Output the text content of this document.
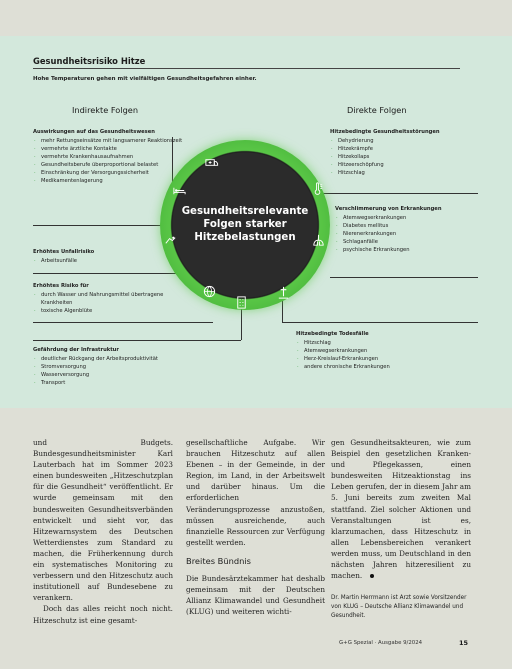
Gesundheitsrisiko Hitze
Hohe Temperaturen gehen mit vielfältigen Gesundheitsgefahren einher.
Indirekte Folgen	Direkte Folgen
Auswirkungen auf das Gesundheitswesen
· mehr Rettungseinsätze mit langsamerer Reaktionszeit
· vermehrte ärztliche Kontakte
· vermehrte Krankenhausaufnahmen
· Gesundheitsberufe überproportional belastet
· Einschränkung der Versorgungssicherheit
· Medikamentenlagerung
Erhöhtes Unfallrisiko
· Arbeitsunfälle
Erhöhtes Risiko für
· durch Wasser und Nahrungsmittel übertragene Krankheiten
· toxische Algenblüte
Gefährdung der Infrastruktur
· deutlicher Rückgang der Arbeitsproduktivität
· Stromversorgung
· Wasserversorgung
· Transport
Hitzebedingte Gesundheitsstörungen
· Dehydrierung
· Hitzekrämpfe
· Hitzekollaps
· Hitzeerschöpfung
· Hitzschlag
Verschlimmerung von Erkrankungen
· Atemwegserkrankungen
· Diabetes mellitus
· Nierenerkrankungen
· Schlaganfälle
· psychische Erkrankungen
Hitzebedingte Todesfälle
· Hitzschlag
· Atemwegserkrankungen
· Herz-Kreislauf-Erkrankungen
· andere chronische Erkrankungen
Gesundheitsrelevante
Folgen starker
Hitzebelastungen

und Budgets. Bundesgesundheitsminister Karl Lauterbach hat im Sommer 2023 einen bundesweiten „Hitzeschutzplan für die Gesundheit“ veröffentlicht. Er wurde gemeinsam mit den bundesweiten Gesundheitsverbänden entwickelt und sieht vor, das Hitzewarnsystem des Deutschen Wetterdienstes zum Standard zu machen, die Früherkennung durch ein systematisches Monitoring zu verbessern und den Hitzeschutz auch institutionell auf Bundesebene zu verankern.

Doch das alles reicht noch nicht. Hitzeschutz ist eine gesamt-

gesellschaftliche Aufgabe. Wir brauchen Hitzeschutz auf allen Ebenen – in der Gemeinde, in der Region, im Land, in der Arbeitswelt und darüber hinaus. Um die erforderlichen Veränderungsprozesse anzustoßen, müssen ausreichende, auch finanzielle Ressourcen zur Verfügung gestellt werden.

Breites Bündnis

Die Bundesärztekammer hat deshalb gemeinsam mit der Deutschen Allianz Klimawandel und Gesundheit (KLUG) und weiteren wichti-

gen Gesundheitsakteuren, wie zum Beispiel den gesetzlichen Kranken- und Pflegekassen, einen bundesweiten Hitzeaktionstag ins Leben gerufen, der in diesem Jahr am 5. Juni bereits zum zweiten Mal stattfand. Ziel solcher Aktionen und Veranstaltungen ist es, klarzumachen, dass Hitzeschutz in allen Lebensbereichen verankert werden muss, um Deutschland in den nächsten Jahren hitzeresilient zu machen.

Dr. Martin Herrmann ist Arzt sowie Vorsitzender von KLUG – Deutsche Allianz Klimawandel und Gesundheit.
G+G Spezial · Ausgabe 9/2024	15
